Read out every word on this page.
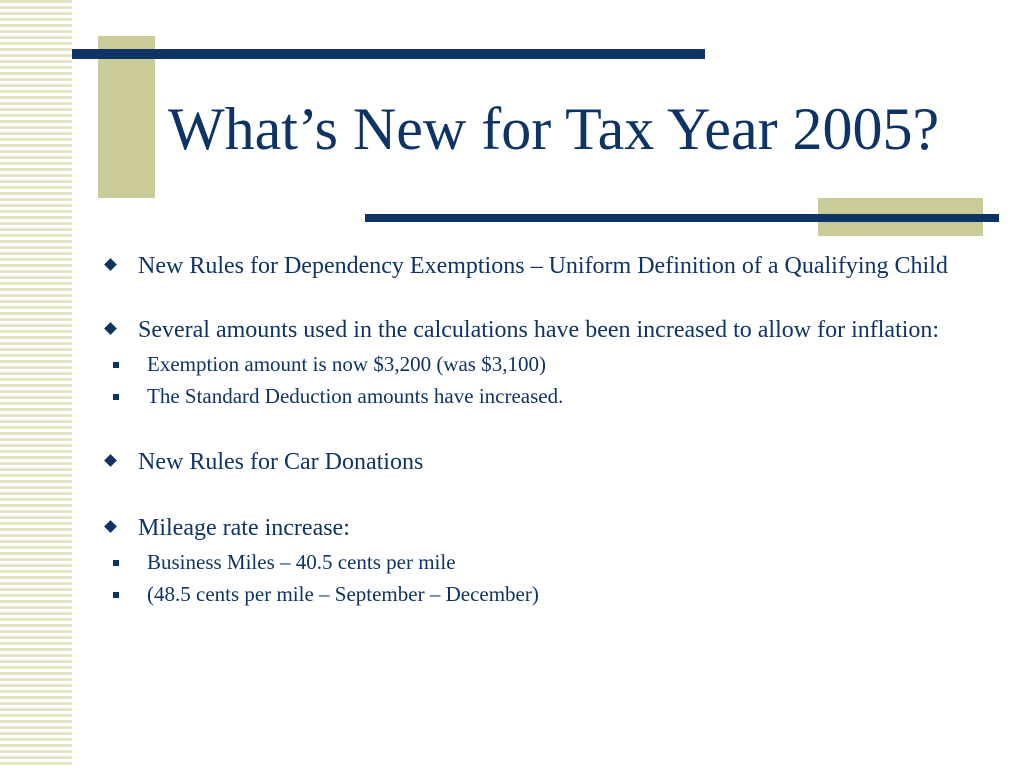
What’s New for Tax Year 2005?
New Rules for Dependency Exemptions – Uniform Definition of a Qualifying Child
Several amounts used in the calculations have been increased to allow for inflation:
Exemption amount is now $3,200 (was $3,100)
The Standard Deduction amounts have increased.
New Rules for Car Donations
Mileage rate increase:
Business Miles – 40.5 cents per mile
(48.5 cents per mile – September – December)
